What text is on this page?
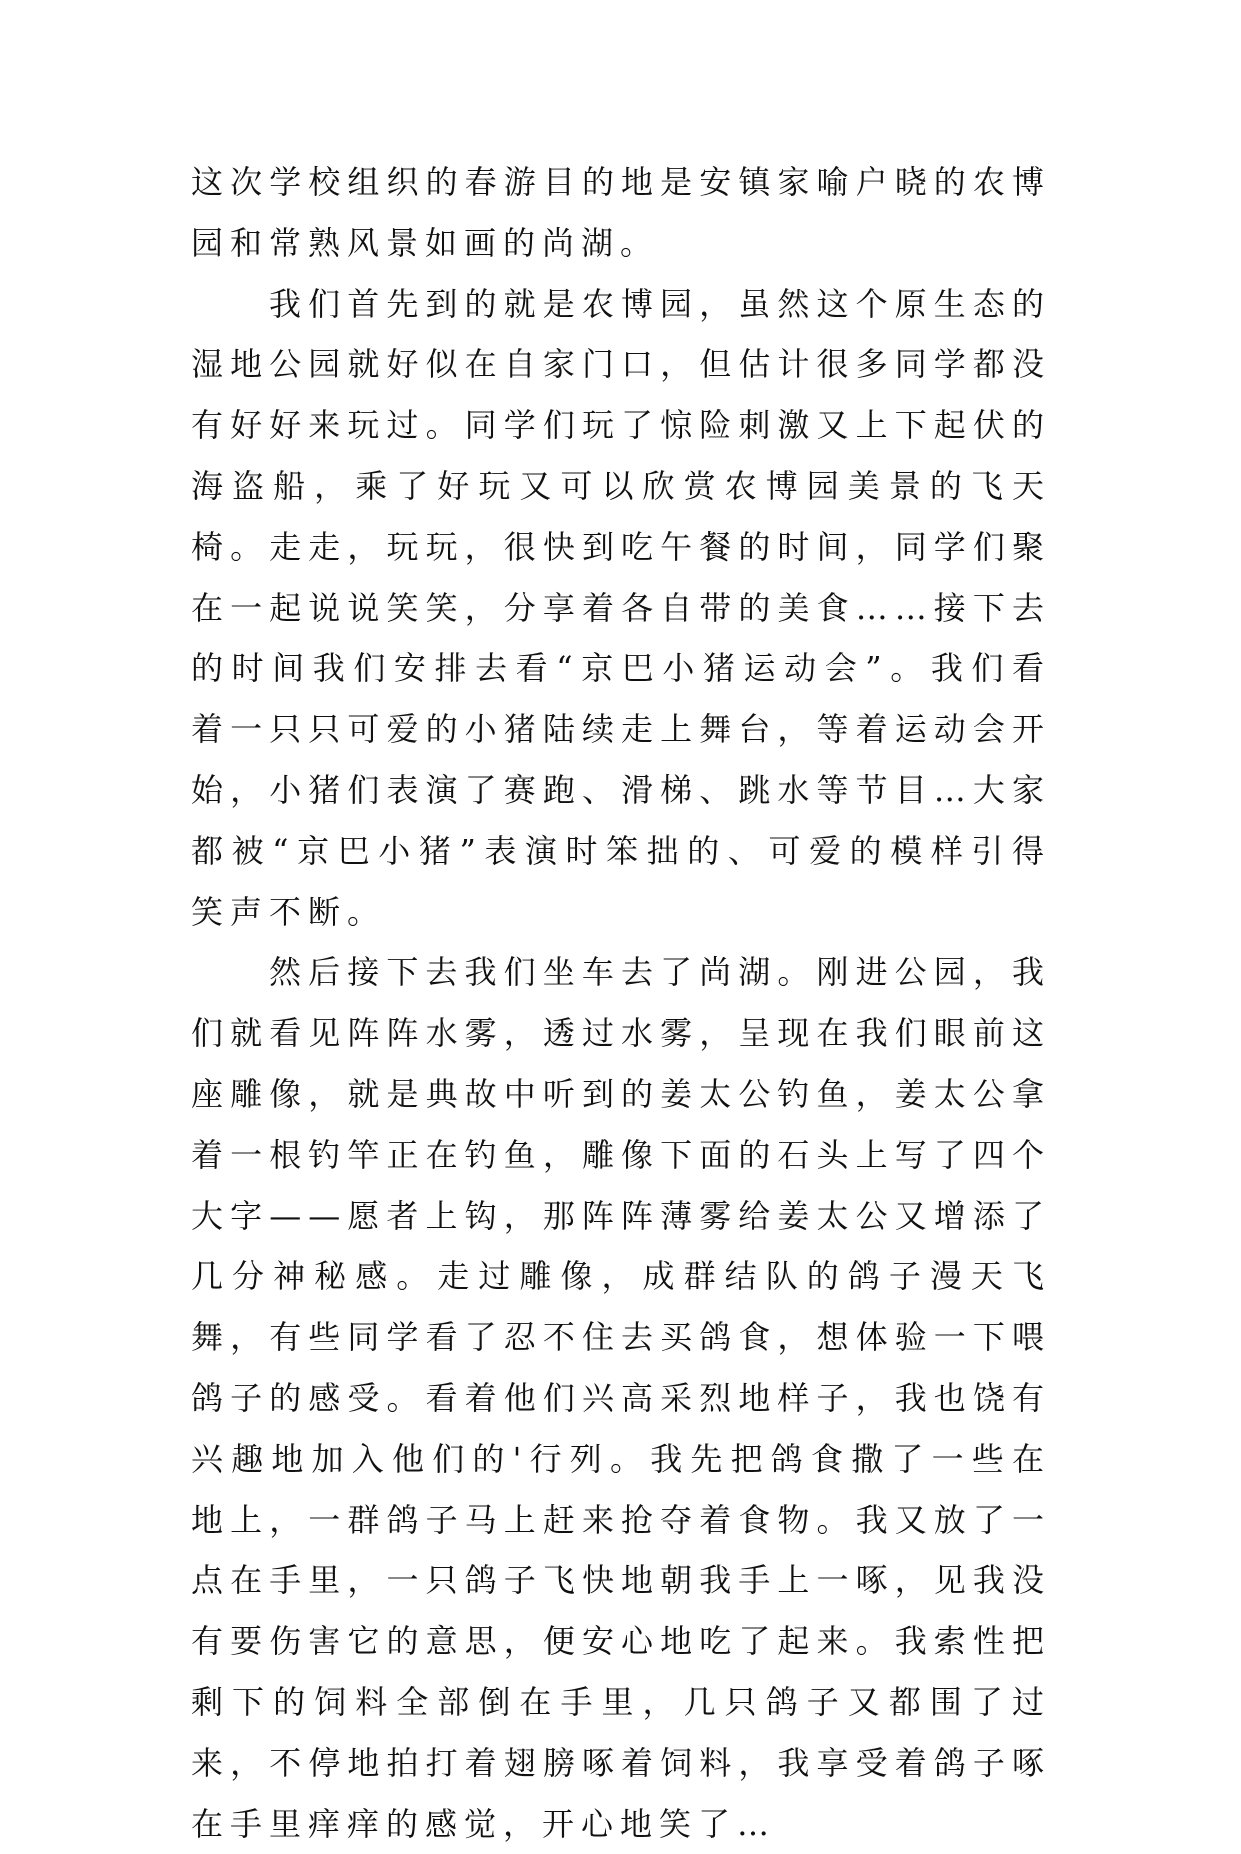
这次学校组织的春游目的地是安镇家喻户晓的农博园和常熟风景如画的尚湖。

我们首先到的就是农博园，虽然这个原生态的湿地公园就好似在自家门口，但估计很多同学都没有好好来玩过。同学们玩了惊险刺激又上下起伏的海盗船，乘了好玩又可以欣赏农博园美景的飞天椅。走走，玩玩，很快到吃午餐的时间，同学们聚在一起说说笑笑，分享着各自带的美食……接下去的时间我们安排去看“京巴小猪运动会”。我们看着一只只可爱的小猪陆续走上舞台，等着运动会开始，小猪们表演了赛跑、滑梯、跳水等节目…大家都被“京巴小猪”表演时笨拙的、可爱的模样引得笑声不断。

然后接下去我们坐车去了尚湖。刚进公园，我们就看见阵阵水雾，透过水雾，呈现在我们眼前这座雕像，就是典故中听到的姜太公钓鱼，姜太公拿着一根钓竿正在钓鱼，雕像下面的石头上写了四个大字——愿者上钩，那阵阵薄雾给姜太公又增添了几分神秘感。走过雕像，成群结队的鸽子漫天飞舞，有些同学看了忍不住去买鸽食，想体验一下喂鸽子的感受。看着他们兴高采烈地样子，我也饶有兴趣地加入他们的'行列。我先把鸽食撒了一些在地上，一群鸽子马上赶来抢夺着食物。我又放了一点在手里，一只鸽子飞快地朝我手上一啄，见我没有要伤害它的意思，便安心地吃了起来。我索性把剩下的饲料全部倒在手里，几只鸽子又都围了过来，不停地拍打着翅膀啄着饲料，我享受着鸽子啄在手里痒痒的感觉，开心地笑了…
